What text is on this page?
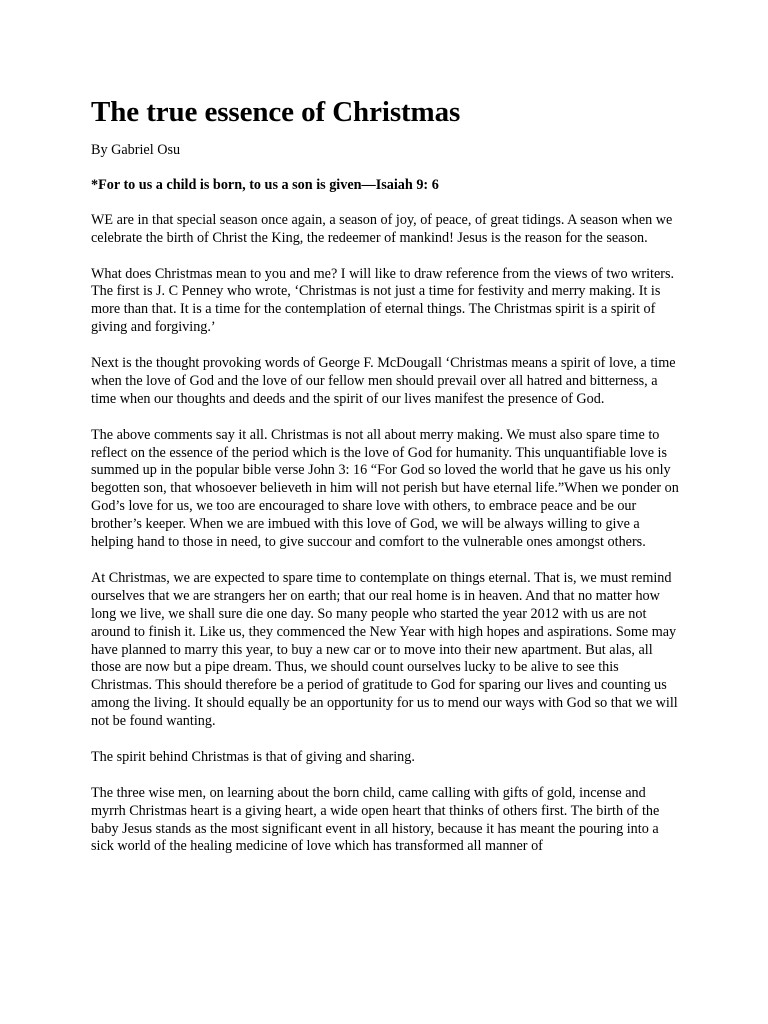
The true essence of Christmas

By Gabriel Osu

*For to us a child is born, to us a son is given—Isaiah 9: 6

WE are in that special season once again, a season of joy, of peace, of great tidings. A season when we celebrate the birth of Christ the King, the redeemer of mankind! Jesus is the reason for the season.

What does Christmas mean to you and me? I will like to draw reference from the views of two writers. The first is J. C Penney who wrote, ‘Christmas is not just a time for festivity and merry making. It is more than that. It is a time for the contemplation of eternal things. The Christmas spirit is a spirit of giving and forgiving.’

Next is the thought provoking words of George F. McDougall ‘Christmas means a spirit of love, a time when the love of God and the love of our fellow men should prevail over all hatred and bitterness, a time when our thoughts and deeds and the spirit of our lives manifest the presence of God.

The above comments say it all. Christmas is not all about merry making. We must also spare time to reflect on the essence of the period which is the love of God for humanity. This unquantifiable love is summed up in the popular bible verse John 3: 16 “For God so loved the world that he gave us his only begotten son, that whosoever believeth in him will not perish but have eternal life.”When we ponder on God’s love for us, we too are encouraged to share love with others, to embrace peace and be our brother’s keeper. When we are imbued with this love of God, we will be always willing to give a helping hand to those in need, to give succour and comfort to the vulnerable ones amongst others.

At Christmas, we are expected to spare time to contemplate on things eternal. That is, we must remind ourselves that we are strangers her on earth; that our real home is in heaven. And that no matter how long we live, we shall sure die one day. So many people who started the year 2012 with us are not around to finish it. Like us, they commenced the New Year with high hopes and aspirations. Some may have planned to marry this year, to buy a new car or to move into their new apartment. But alas, all those are now but a pipe dream. Thus, we should count ourselves lucky to be alive to see this Christmas. This should therefore be a period of gratitude to God for sparing our lives and counting us among the living. It should equally be an opportunity for us to mend our ways with God so that we will not be found wanting.

The spirit behind Christmas is that of giving and sharing.

The three wise men, on learning about the born child, came calling with gifts of gold, incense and myrrh Christmas heart is a giving heart, a wide open heart that thinks of others first. The birth of the baby Jesus stands as the most significant event in all history, because it has meant the pouring into a sick world of the healing medicine of love which has transformed all manner of
